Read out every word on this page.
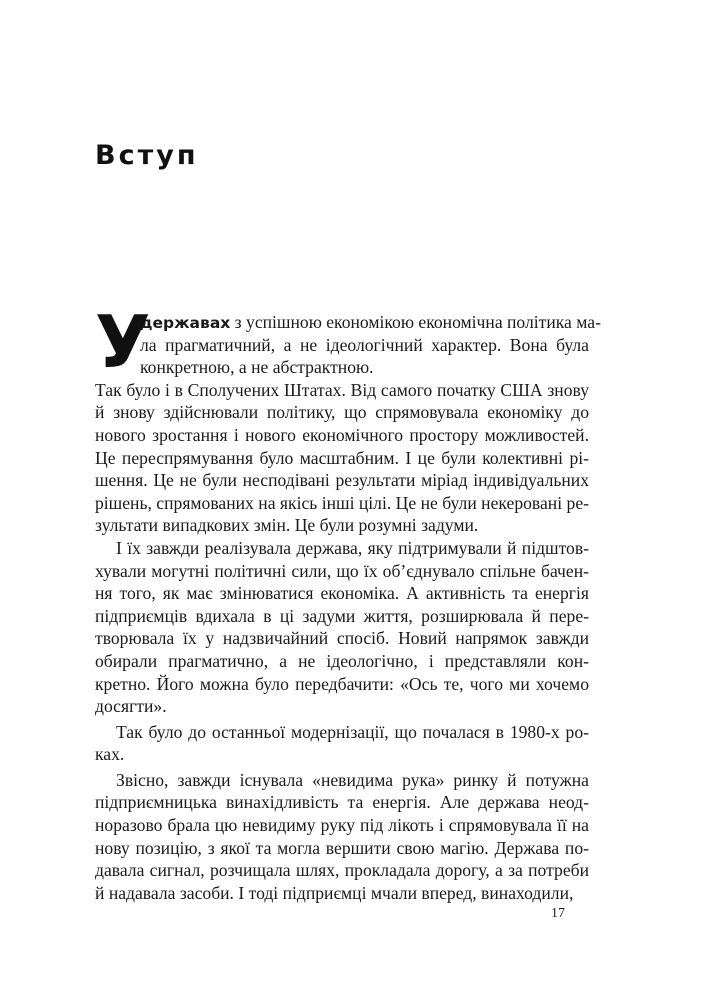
Вступ
У
державах з успішною економікою економічна політика ма-
ла прагматичний, а не ідеологічний характер. Вона була
конкретною, а не абстрактною.
Так було і в Сполучених Штатах. Від самого початку США знову
й знову здійснювали політику, що спрямовувала економіку до
нового зростання і нового економічного простору можливостей.
Це переспрямування було масштабним. І це були колективні рі-
шення. Це не були несподівані результати міріад індивідуальних
рішень, спрямованих на якісь інші цілі. Це не були некеровані ре-
зультати випадкових змін. Це були розумні задуми.
І їх завжди реалізувала держава, яку підтримували й підштов-
хували могутні політичні сили, що їх об’єднувало спільне бачен-
ня того, як має змінюватися економіка. А активність та енергія
підприємців вдихала в ці задуми життя, розширювала й пере-
творювала їх у надзвичайний спосіб. Новий напрямок завжди
обирали прагматично, а не ідеологічно, і представляли кон-
кретно. Його можна було передбачити: «Ось те, чого ми хочемо
досягти».
Так було до останньої модернізації, що почалася в 1980-х ро-
ках.
Звісно, завжди існувала «невидима рука» ринку й потужна
підприємницька винахідливість та енергія. Але держава неод-
норазово брала цю невидиму руку під лікоть і спрямовувала її на
нову позицію, з якої та могла вершити свою магію. Держава по-
давала сигнал, розчищала шлях, прокладала дорогу, а за потреби
й надавала засоби. І тоді підприємці мчали вперед, винаходили,
17
